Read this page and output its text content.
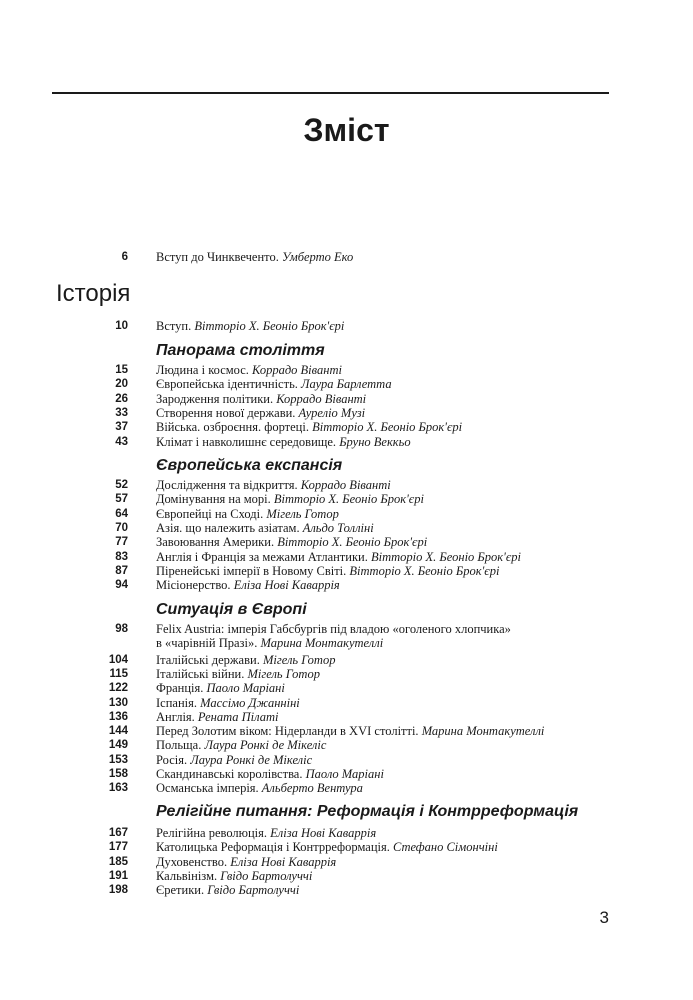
Зміст
6 Вступ до Чинквеченто. Умберто Еко
Історія
10 Вступ. Вітторіо Х. Беоніо Брок'єрі
Панорама століття
15 Людина і космос. Коррадо Віванті
20 Європейська ідентичність. Лаура Барлетта
26 Зародження політики. Коррадо Віванті
33 Створення нової держави. Ауреліо Музі
37 Війська. озброєння. фортеці. Вітторіо Х. Беоніо Брок'єрі
43 Клімат і навколишнє середовище. Бруно Веккьо
Європейська експансія
52 Дослідження та відкриття. Коррадо Віванті
57 Домінування на морі. Вітторіо Х. Беоніо Брок'єрі
64 Європейці на Сході. Мігель Готор
70 Азія. що належить азіатам. Альдо Толліні
77 Завоювання Америки. Вітторіо Х. Беоніо Брок'єрі
83 Англія і Франція за межами Атлантики. Вітторіо Х. Беоніо Брок'єрі
87 Піренейські імперії в Новому Світі. Вітторіо Х. Беоніо Брок'єрі
94 Місіонерство. Еліза Нові Каваррія
Ситуація в Європі
98 Felix Austria: імперія Габсбургів під владою «оголеного хлопчика»
в «чарівній Празі». Марина Монтакутеллі
104 Італійські держави. Мігель Готор
115 Італійські війни. Мігель Готор
122 Франція. Паоло Маріані
130 Іспанія. Массімо Джанніні
136 Англія. Рената Пілаті
144 Перед Золотим віком: Нідерланди в XVI столітті. Марина Монтакутеллі
149 Польща. Лаура Ронкі де Мікеліс
153 Росія. Лаура Ронкі де Мікеліс
158 Скандинавські королівства. Паоло Маріані
163 Османська імперія. Альберто Вентура
Релігійне питання: Реформація і Контрреформація
167 Релігійна революція. Еліза Нові Каваррія
177 Католицька Реформація і Контрреформація. Стефано Сімончіні
185 Духовенство. Еліза Нові Каваррія
191 Кальвінізм. Гвідо Бартолуччі
198 Єретики. Гвідо Бартолуччі
3
